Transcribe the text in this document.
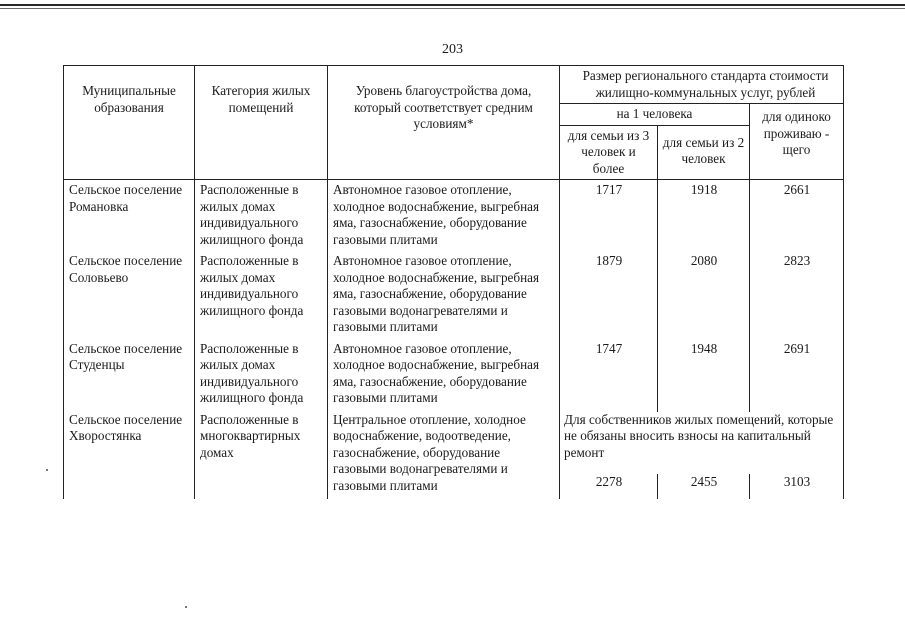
203
Муниципальные образования	Категория жилых помещений	Уровень благоустройства дома, который соответствует средним условиям*	Размер регионального стандарта стоимости жилищно-коммунальных услуг, рублей		
			на 1 человека		для одиноко проживаю - щего
			для семьи из 3 человек и более	для семьи из 2 человек	
Сельское поселение Романовка	Расположенные в жилых домах индивидуального жилищного фонда	Автономное газовое отопление, холодное водоснабжение, выгребная яма, газоснабжение, оборудование газовыми плитами	1717	1918	2661
Сельское поселение Соловьево	Расположенные в жилых домах индивидуального жилищного фонда	Автономное газовое отопление, холодное водоснабжение, выгребная яма, газоснабжение, оборудование газовыми водонагревателями и газовыми плитами	1879	2080	2823
Сельское поселение Студенцы	Расположенные в жилых домах индивидуального жилищного фонда	Автономное газовое отопление, холодное водоснабжение, выгребная яма, газоснабжение, оборудование газовыми плитами	1747	1948	2691
Сельское поселение Хворостянка	Расположенные в многоквартирных домах	Центральное отопление, холодное водоснабжение, водоотведение, газоснабжение, оборудование газовыми водонагревателями и газовыми плитами	Для собственников жилых помещений, которые не обязаны вносить взносы на капитальный ремонт		
			2278	2455	3103
